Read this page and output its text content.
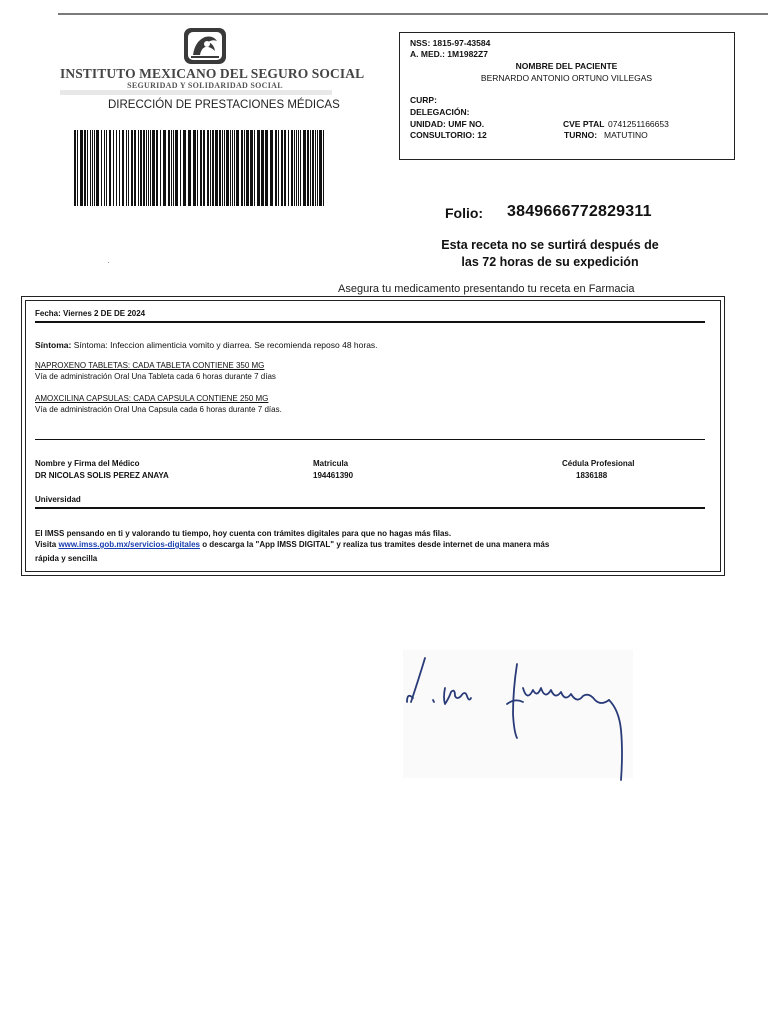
INSTITUTO MEXICANO DEL SEGURO SOCIAL
SEGURIDAD Y SOLIDARIDAD SOCIAL
DIRECCIÓN DE PRESTACIONES MÉDICAS
NSS: 1815-97-43584
A. MED.: 1M1982Z7
NOMBRE DEL PACIENTE
BERNARDO ANTONIO ORTUNO VILLEGAS
CURP:
DELEGACIÓN:
UNIDAD: UMF NO.
CONSULTORIO: 12
CVE PTAL 0741251166653
TURNO: MATUTINO
Folio: 3849666772829311
Esta receta no se surtirá después de
las 72 horas de su expedición
Asegura tu medicamento presentando tu receta en Farmacia
Fecha: Viernes 2 DE DE 2024
Síntoma: Síntoma: Infeccion alimenticia vomito y diarrea. Se recomienda reposo 48 horas.
NAPROXENO TABLETAS: CADA TABLETA CONTIENE 350 MG
Vía de administración Oral Una Tableta cada 6 horas durante 7 días
AMOXCILINA CAPSULAS: CADA CAPSULA CONTIENE 250 MG
Vía de administración Oral Una Capsula cada 6 horas durante 7 días.
Nombre y Firma del Médico
DR NICOLAS SOLIS PEREZ ANAYA
Matricula
194461390
Cédula Profesional
1836188
Universidad
El IMSS pensando en ti y valorando tu tiempo, hoy cuenta con trámites digitales para que no hagas más filas.
Visita www.imss.gob.mx/servicios-digitales o descarga la "App IMSS DIGITAL" y realiza tus tramites desde internet de una manera más
rápida y sencilla
